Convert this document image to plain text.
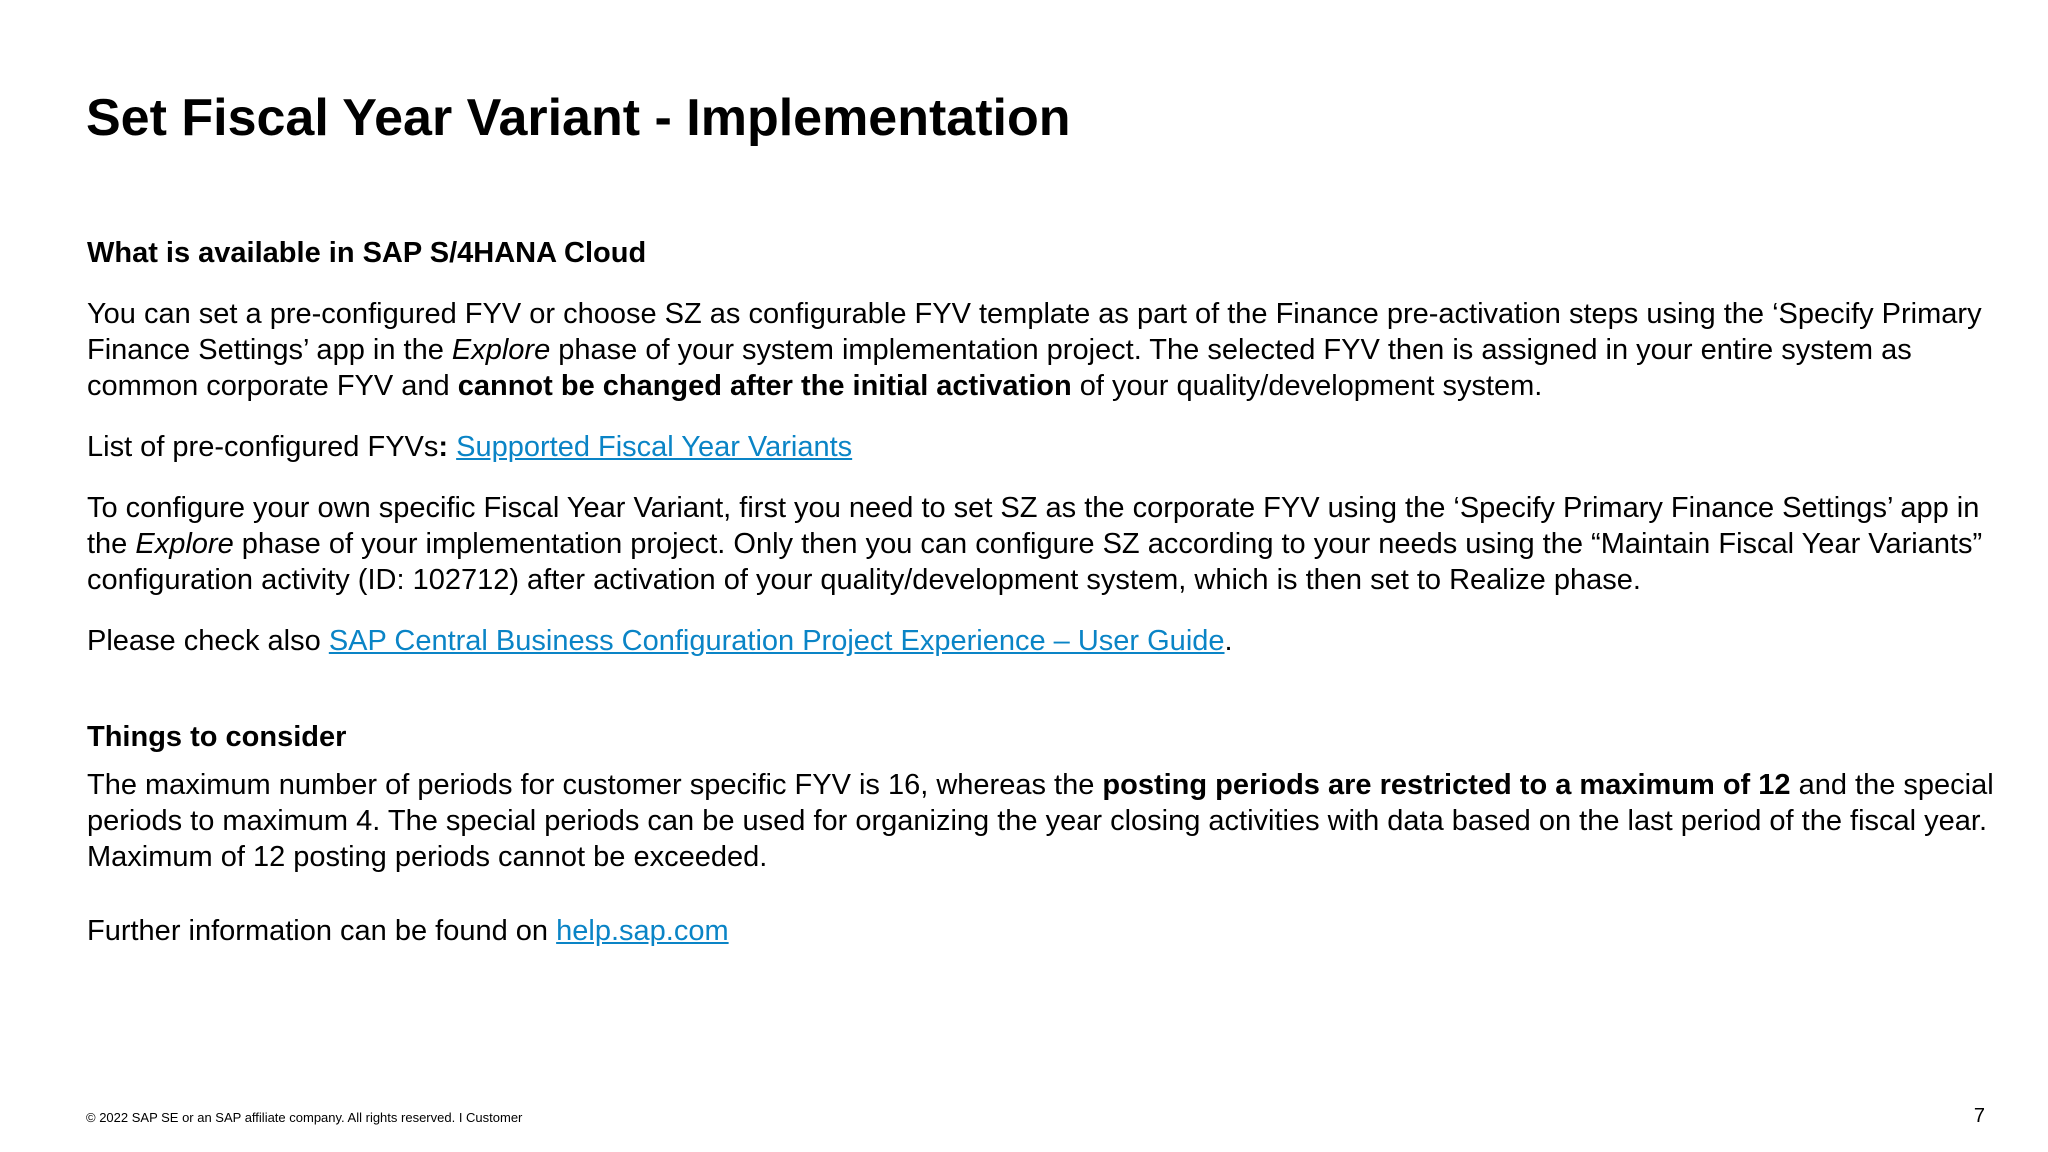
Set Fiscal Year Variant - Implementation

What is available in SAP S/4HANA Cloud

You can set a pre-configured FYV or choose SZ as configurable FYV template as part of the Finance pre-activation steps using the ‘Specify Primary Finance Settings’ app in the Explore phase of your system implementation project. The selected FYV then is assigned in your entire system as common corporate FYV and cannot be changed after the initial activation of your quality/development system.

List of pre-configured FYVs: Supported Fiscal Year Variants

To configure your own specific Fiscal Year Variant, first you need to set SZ as the corporate FYV using the ‘Specify Primary Finance Settings’ app in the Explore phase of your implementation project. Only then you can configure SZ according to your needs using the “Maintain Fiscal Year Variants” configuration activity (ID: 102712) after activation of your quality/development system, which is then set to Realize phase.

Please check also SAP Central Business Configuration Project Experience – User Guide.

Things to consider

The maximum number of periods for customer specific FYV is 16, whereas the posting periods are restricted to a maximum of 12 and the special periods to maximum 4. The special periods can be used for organizing the year closing activities with data based on the last period of the fiscal year. Maximum of 12 posting periods cannot be exceeded.

Further information can be found on help.sap.com

© 2022 SAP SE or an SAP affiliate company. All rights reserved. I Customer	7
